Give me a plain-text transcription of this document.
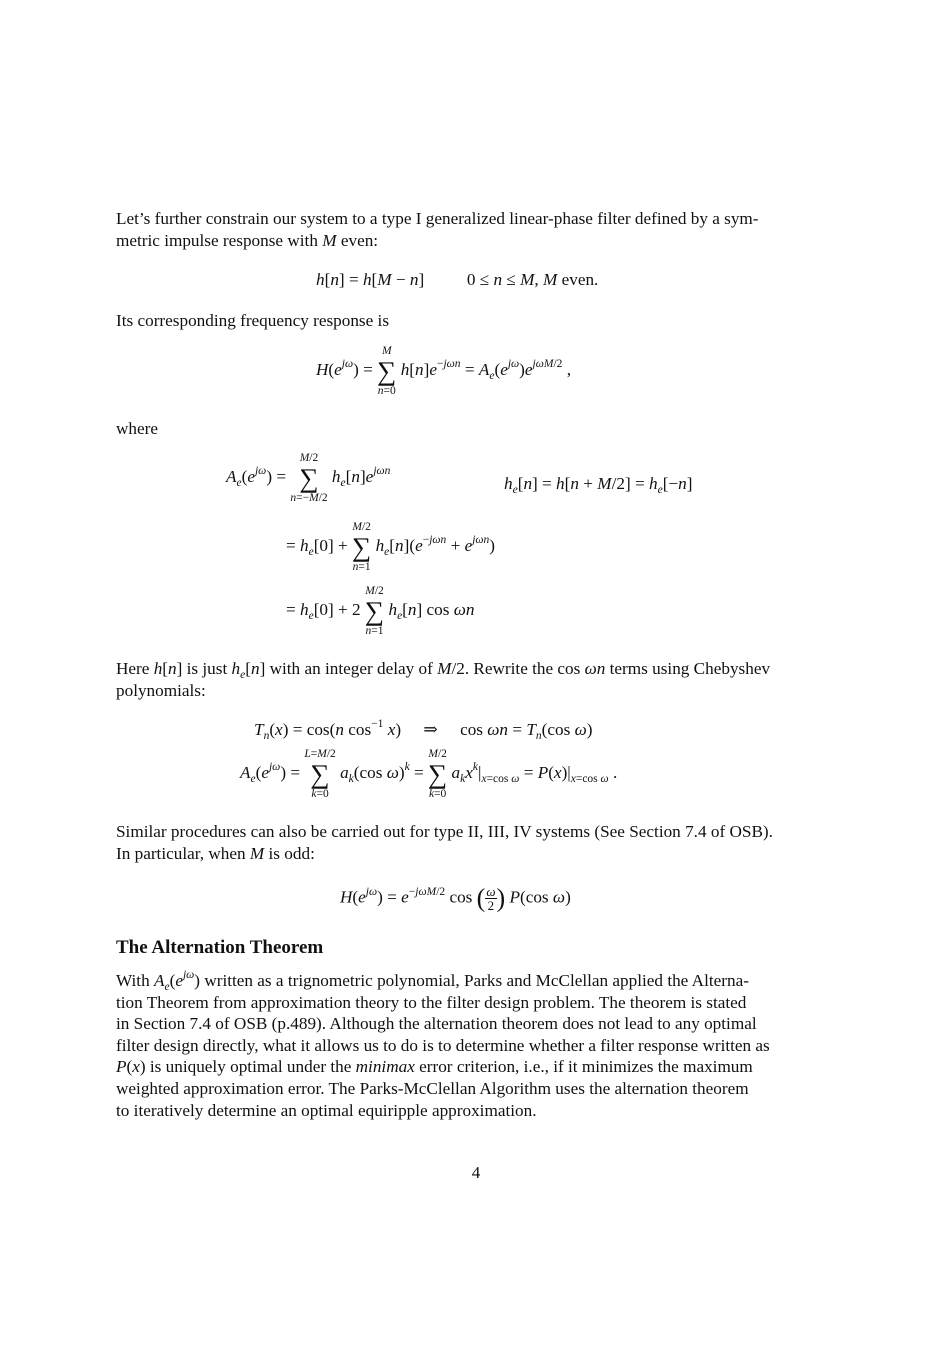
Let’s further constrain our system to a type I generalized linear-phase filter defined by a sym-
metric impulse response with M even:

h[n] = h[M − n]  0 ≤ n ≤ M, M even.

Its corresponding frequency response is

$H(e^{j\omega})$ =
M
∑
n=0
$h[n]e^{-j\omega n} = A_e(e^{j\omega})e^{j\omega M/2}$ ,

where

$A_e(e^{j\omega})$ =
M/2
∑
n=−M/2
$h_e[n]e^{j\omega n}$
$h_e[n] = h[n + M/2] = h_e[-n]$
= $h_e[0]$ +
M/2
∑
n=1
$h_e[n](e^{-j\omega n} + e^{j\omega n})$
= $h_e[0] + 2$
M/2
∑
n=1
$h_e[n]$ cos ωn

Here h[n] is just $h_e[n]$ with an integer delay of M/2. Rewrite the cos ωn terms using Chebyshev
polynomials:

$T_n(x) = \cos(n$ $\cos^{-1} x$) ⇒ $\cos \omega n = T_n(\cos$ ω)
$A_e(e^{j\omega})$ =
L=M/2
∑
k=0
$a_k(\cos$ ω)$^k$ =
M/2
∑
k=0
$a_kx^k|_{x=cos \omega} = P(x)|_{x=cos \omega}$ .

Similar procedures can also be carried out for type II, III, IV systems (See Section 7.4 of OSB).
In particular, when M is odd:

$H(e^{j\omega}) = e^{-j\omega M/2}$ cos ( $\frac{\omega}{2}$ ) P(cos ω)
The Alternation Theorem

With $A_e(e^{j\omega})$ written as a trignometric polynomial, Parks and McClellan applied the Alterna-
tion Theorem from approximation theory to the filter design problem. The theorem is stated
in Section 7.4 of OSB (p.489). Although the alternation theorem does not lead to any optimal
filter design directly, what it allows us to do is to determine whether a filter response written as
P(x) is uniquely optimal under the minimax error criterion, i.e., if it minimizes the maximum
weighted approximation error. The Parks-McClellan Algorithm uses the alternation theorem
to iteratively determine an optimal equiripple approximation.

4
